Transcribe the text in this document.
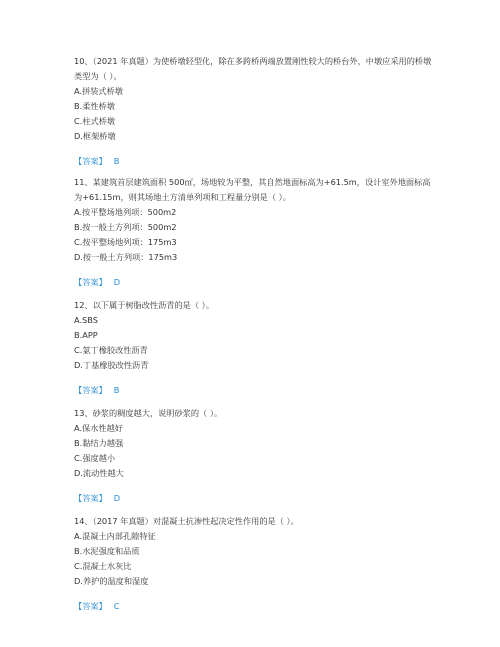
10、（2021 年真题）为使桥墩轻型化，除在多跨桥两端放置刚性较大的桥台外，中墩应采用的桥墩类型为（ ）。

A.拼装式桥墩

B.柔性桥墩

C.柱式桥墩

D.框架桥墩

【答案】 B

11、某建筑首层建筑面积 500㎡，场地较为平整，其自然地面标高为+61.5m，设计室外地面标高为+61.15m，则其场地土方清单列项和工程量分别是（ ）。

A.按平整场地列项：500m2

B.按一般土方列项：500m2

C.按平整场地列项：175m3

D.按一般土方列项：175m3

【答案】 D

12、以下属于树脂改性沥青的是（ ）。

A.SBS

B.APP

C.氯丁橡胶改性沥青

D.丁基橡胶改性沥青

【答案】 B

13、砂浆的稠度越大，说明砂浆的（ ）。

A.保水性越好

B.黏结力越强

C.强度越小

D.流动性越大

【答案】 D

14、（2017 年真题）对混凝土抗渗性起决定性作用的是（ ）。

A.混凝土内部孔隙特征

B.水泥强度和品质

C.混凝土水灰比

D.养护的温度和湿度

【答案】 C
